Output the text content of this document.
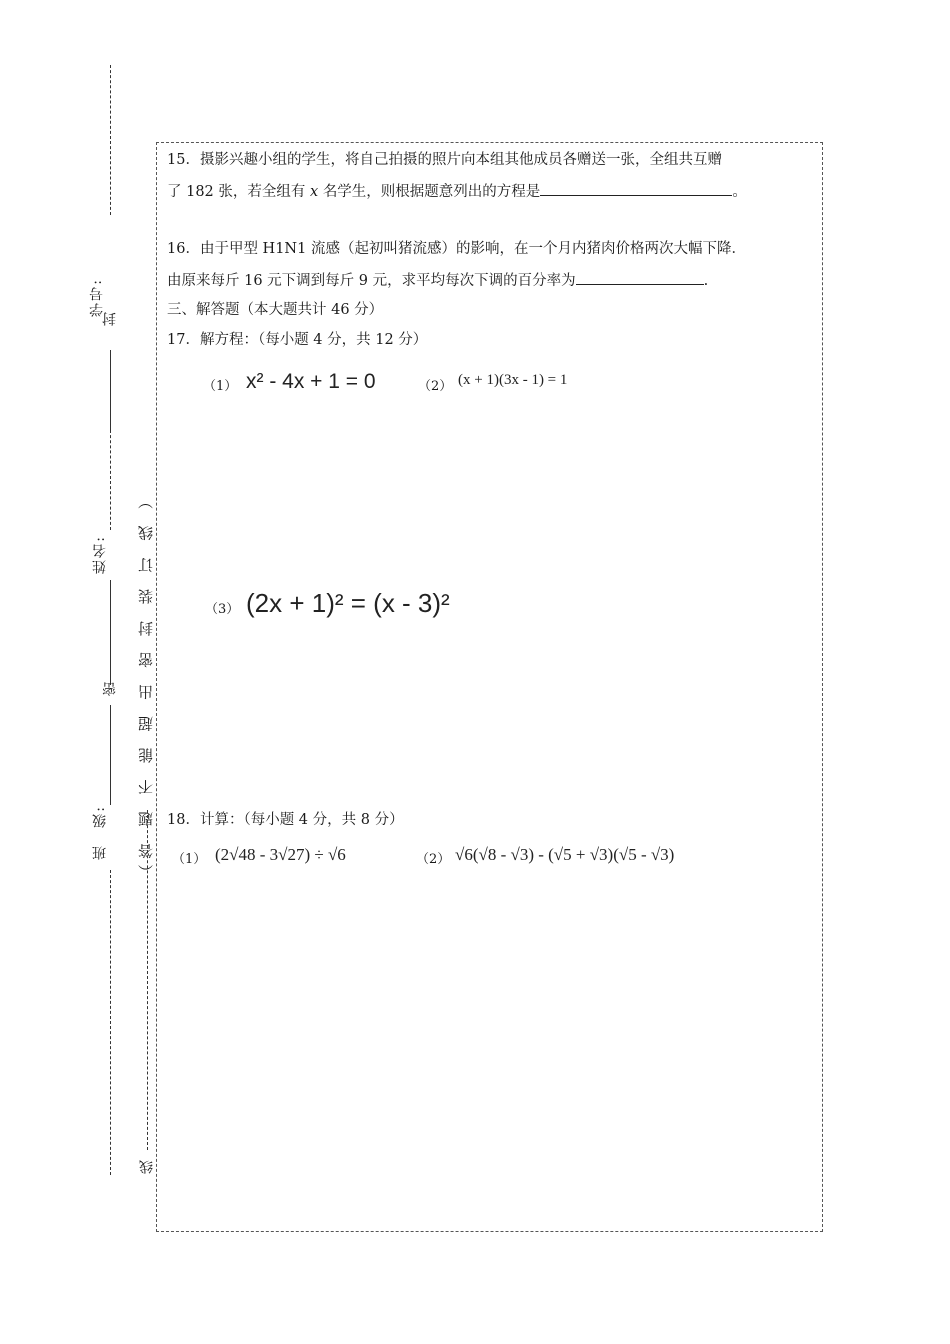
学号:
封
姓名:
密
班　级: （答 题 不 能 超 出 密 封 装 订 线 ）
线
15．摄影兴趣小组的学生，将自己拍摄的照片向本组其他成员各赠送一张，全组共互赠
了 182 张，若全组有 x 名学生，则根据题意列出的方程是	。
16．由于甲型 H1N1 流感（起初叫猪流感）的影响，在一个月内猪肉价格两次大幅下降．
由原来每斤 16 元下调到每斤 9 元，求平均每次下调的百分率为	.
三、解答题（本大题共计 46 分）
17．解方程：（每小题 4 分，共 12 分）
（1） x² - 4x + 1 = 0	（2） (x + 1)(3x - 1) = 1
（3） (2x + 1)² = (x - 3)²
18．计算：（每小题 4 分，共 8 分）
（1） (2√48 - 3√27) ÷ √6	（2） √6(√8 - √3) - (√5 + √3)(√5 - √3)
